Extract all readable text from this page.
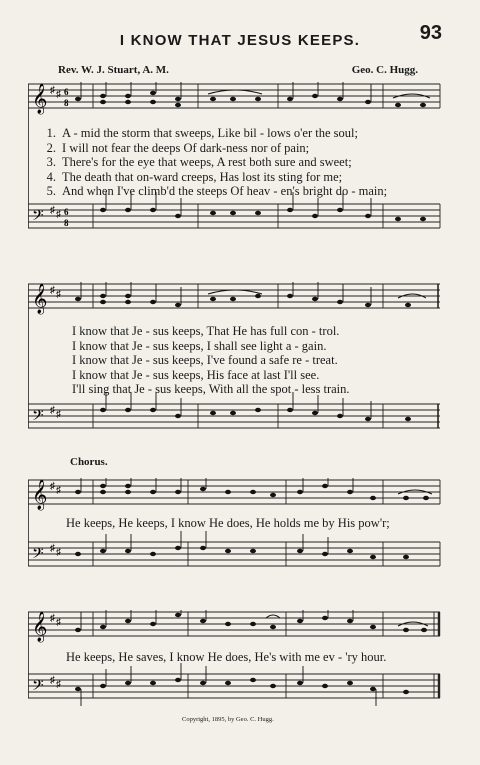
93
I KNOW THAT JESUS KEEPS.
Rev. W. J. Stuart, A. M.	Geo. C. Hugg.
𝄞 ♯ ♯ 6
8
𝄢 ♯ ♯ 6
8
1. A - mid the storm that sweeps, Like bil - lows o'er the soul;
2. I will not fear the deeps Of dark-ness nor of pain;
3. There's for the eye that weeps, A rest both sure and sweet;
4. The death that on-ward creeps, Has lost its sting for me;
5. And when I've climb'd the steeps Of heav - en's bright do - main;
𝄞 ♯ ♯
𝄢 ♯ ♯
I know that Je - sus keeps, That He has full con - trol.
I know that Je - sus keeps, I shall see light a - gain.
I know that Je - sus keeps, I've found a safe re - treat.
I know that Je - sus keeps, His face at last I'll see.
I'll sing that Je - sus keeps, With all the spot - less train.
Chorus.
𝄞 ♯ ♯
𝄢 ♯ ♯
He keeps, He keeps, I know He does, He holds me by His pow'r;
𝄞 ♯ ♯
𝄢 ♯ ♯
He keeps, He saves, I know He does, He's with me ev - 'ry hour.
Copyright, 1895, by Geo. C. Hugg.
